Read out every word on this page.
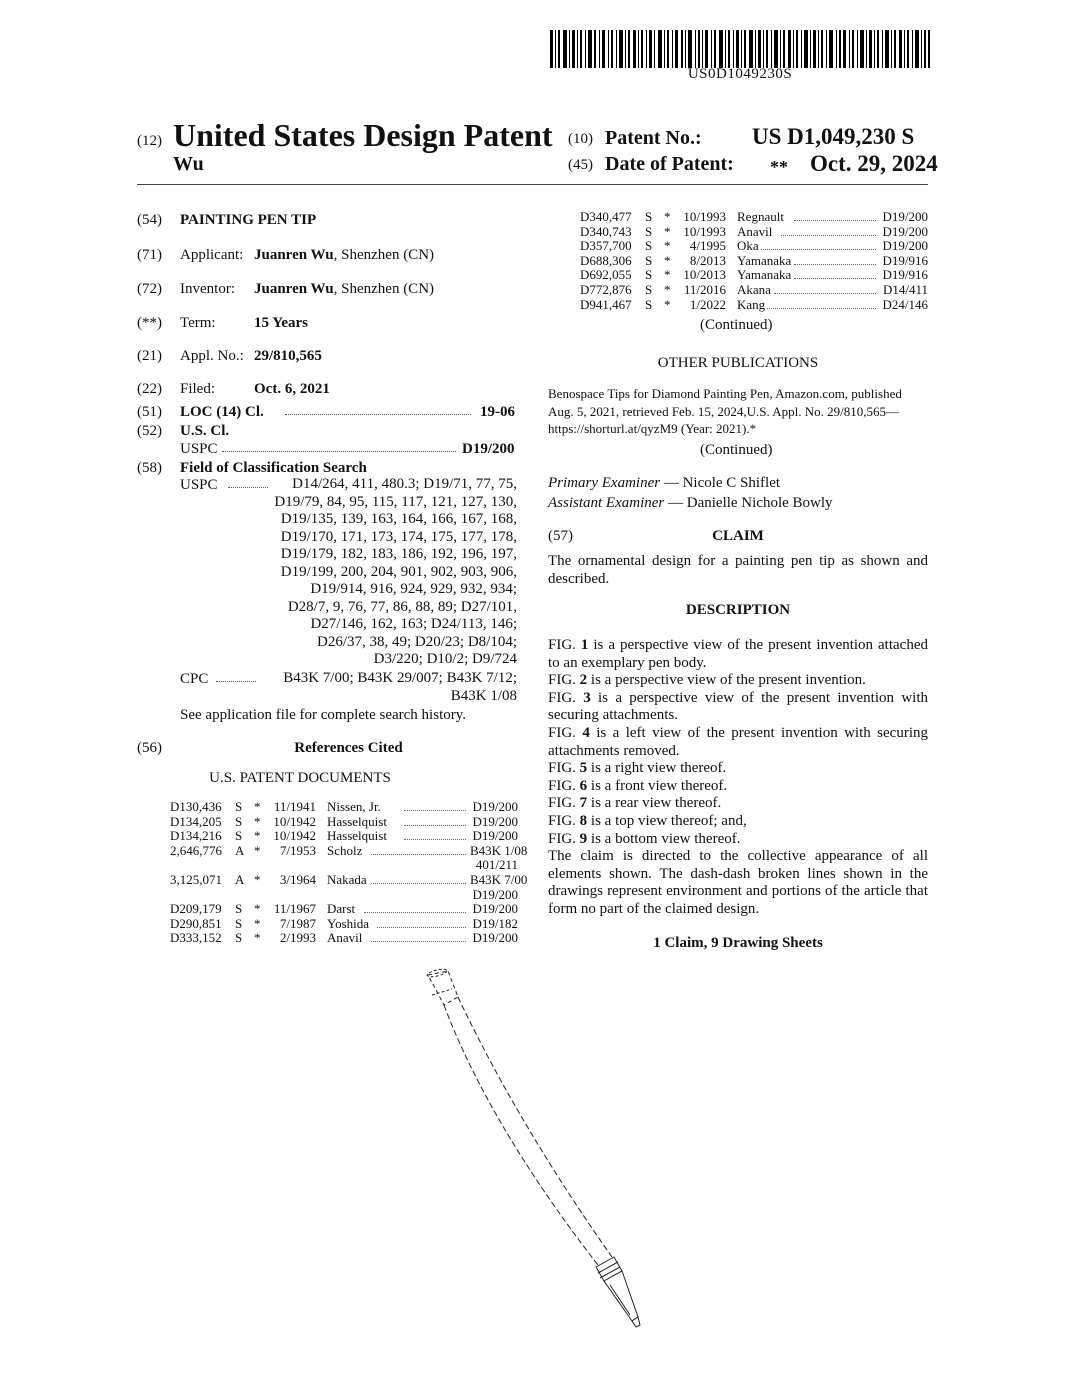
US0D1049230S
(12) United States Design Patent
Wu
(10) Patent No.: US D1,049,230 S
(45) Date of Patent: ** Oct. 29, 2024
(54) PAINTING PEN TIP
(71) Applicant: Juanren Wu, Shenzhen (CN)
(72) Inventor: Juanren Wu, Shenzhen (CN)
(**) Term:	15 Years
(21) Appl. No.: 29/810,565
(22) Filed:	Oct. 6, 2021
(51) LOC (14) Cl.	19-06
(52) U.S. Cl.
USPC	D19/200
(58) Field of Classification Search
USPC	D14/264, 411, 480.3; D19/71, 77, 75,
D19/79, 84, 95, 115, 117, 121, 127, 130,
D19/135, 139, 163, 164, 166, 167, 168,
D19/170, 171, 173, 174, 175, 177, 178,
D19/179, 182, 183, 186, 192, 196, 197,
D19/199, 200, 204, 901, 902, 903, 906,
D19/914, 916, 924, 929, 932, 934;
D28/7, 9, 76, 77, 86, 88, 89; D27/101,
D27/146, 162, 163; D24/113, 146;
D26/37, 38, 49; D20/23; D8/104;
D3/220; D10/2; D9/724
CPC	B43K 7/00; B43K 29/007; B43K 7/12;
B43K 1/08
See application file for complete search history.
(56)	References Cited
U.S. PATENT DOCUMENTS
D130,436 S * 11/1941 Nissen, Jr.	D19/200
D134,205 S * 10/1942 Hasselquist	D19/200
D134,216 S * 10/1942 Hasselquist	D19/200
2,646,776 A *	7/1953 Scholz	B43K 1/08
401/211
3,125,071 A *	3/1964 Nakada	B43K 7/00
D19/200
D209,179 S * 11/1967 Darst	D19/200
D290,851 S *	7/1987 Yoshida	D19/182
D333,152 S *	2/1993 Anavil	D19/200
D340,477 S * 10/1993 Regnault	D19/200
D340,743 S * 10/1993 Anavil	D19/200
D357,700 S *	4/1995 Oka	D19/200
D688,306 S *	8/2013 Yamanaka	D19/916
D692,055 S * 10/2013 Yamanaka	D19/916
D772,876 S * 11/2016 Akana	D14/411
D941,467 S *	1/2022 Kang	D24/146
(Continued)
OTHER PUBLICATIONS
Benospace Tips for Diamond Painting Pen, Amazon.com, published
Aug. 5, 2021, retrieved Feb. 15, 2024,U.S. Appl. No. 29/810,565—
https://shorturl.at/qyzM9 (Year: 2021).*
(Continued)
Primary Examiner — Nicole C Shiflet
Assistant Examiner — Danielle Nichole Bowly
(57)	CLAIM
The ornamental design for a painting pen tip as shown and described.
DESCRIPTION

FIG. 1 is a perspective view of the present invention attached to an exemplary pen body.

FIG. 2 is a perspective view of the present invention.

FIG. 3 is a perspective view of the present invention with securing attachments.

FIG. 4 is a left view of the present invention with securing attachments removed.

FIG. 5 is a right view thereof.

FIG. 6 is a front view thereof.

FIG. 7 is a rear view thereof.

FIG. 8 is a top view thereof; and,

FIG. 9 is a bottom view thereof.

The claim is directed to the collective appearance of all elements shown. The dash-dash broken lines shown in the drawings represent environment and portions of the article that form no part of the claimed design.

1 Claim, 9 Drawing Sheets
